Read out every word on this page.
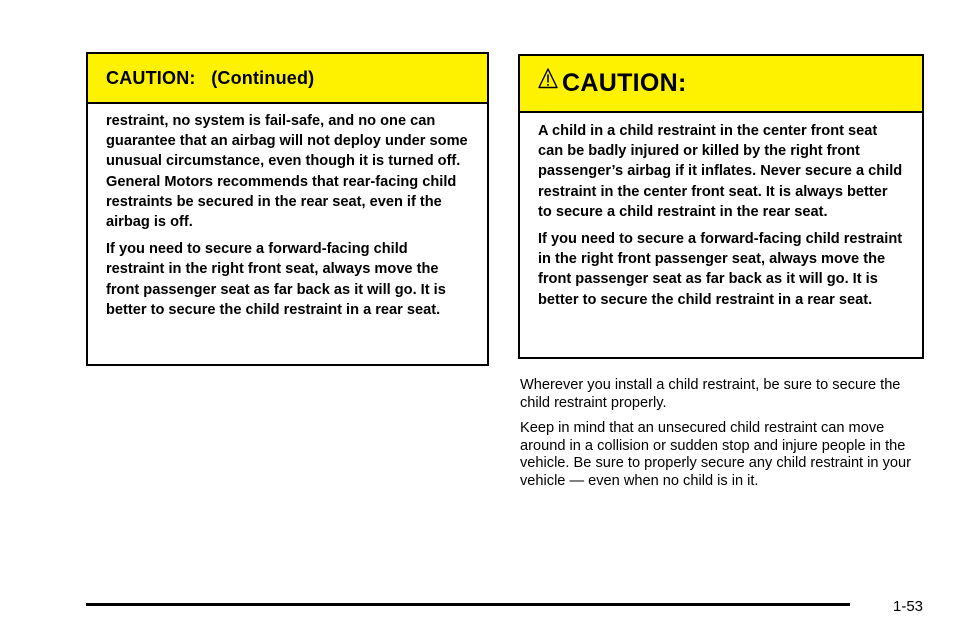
CAUTION:   (Continued)

restraint, no system is fail-safe, and no one can guarantee that an airbag will not deploy under some unusual circumstance, even though it is turned off. General Motors recommends that rear-facing child restraints be secured in the rear seat, even if the airbag is off.

If you need to secure a forward-facing child restraint in the right front seat, always move the front passenger seat as far back as it will go. It is better to secure the child restraint in a rear seat.

CAUTION:

A child in a child restraint in the center front seat can be badly injured or killed by the right front passenger’s airbag if it inflates. Never secure a child restraint in the center front seat. It is always better to secure a child restraint in the rear seat.

If you need to secure a forward-facing child restraint in the right front passenger seat, always move the front passenger seat as far back as it will go. It is better to secure the child restraint in a rear seat.

Wherever you install a child restraint, be sure to secure the child restraint properly.

Keep in mind that an unsecured child restraint can move around in a collision or sudden stop and injure people in the vehicle. Be sure to properly secure any child restraint in your vehicle — even when no child is in it.

1-53
